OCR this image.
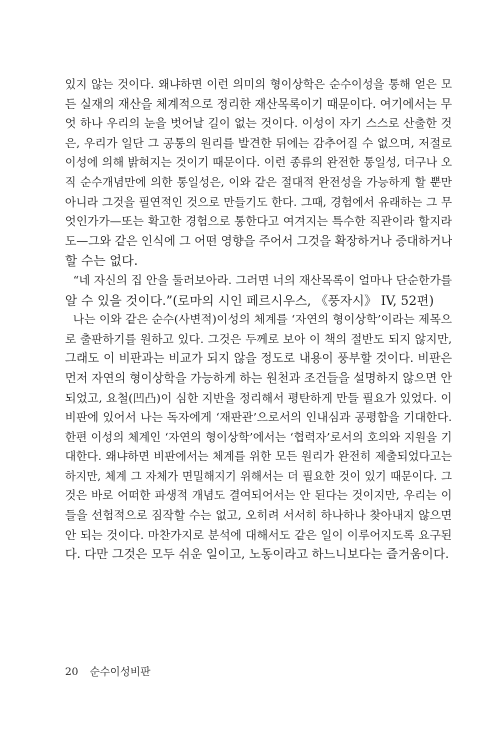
있지 않는 것이다. 왜냐하면 이런 의미의 형이상학은 순수이성을 통해 얻은 모
든 실재의 재산을 체계적으로 정리한 재산목록이기 때문이다. 여기에서는 무
엇 하나 우리의 눈을 벗어날 길이 없는 것이다. 이성이 자기 스스로 산출한 것
은, 우리가 일단 그 공통의 원리를 발견한 뒤에는 감추어질 수 없으며, 저절로
이성에 의해 밝혀지는 것이기 때문이다. 이런 종류의 완전한 통일성, 더구나 오
직 순수개념만에 의한 통일성은, 이와 같은 절대적 완전성을 가능하게 할 뿐만
아니라 그것을 필연적인 것으로 만들기도 한다. 그때, 경험에서 유래하는 그 무
엇인가가—또는 확고한 경험으로 통한다고 여겨지는 특수한 직관이라 할지라
도—그와 같은 인식에 그 어떤 영향을 주어서 그것을 확장하거나 증대하거나
할 수는 없다.
“네 자신의 집 안을 둘러보아라. 그러면 너의 재산목록이 얼마나 단순한가를
알 수 있을 것이다.”(로마의 시인 페르시우스, 《풍자시》 IV, 52편)
나는 이와 같은 순수(사변적)이성의 체계를 ‘자연의 형이상학’이라는 제목으
로 출판하기를 원하고 있다. 그것은 두께로 보아 이 책의 절반도 되지 않지만,
그래도 이 비판과는 비교가 되지 않을 정도로 내용이 풍부할 것이다. 비판은
먼저 자연의 형이상학을 가능하게 하는 원천과 조건들을 설명하지 않으면 안
되었고, 요철(凹凸)이 심한 지반을 정리해서 평탄하게 만들 필요가 있었다. 이
비판에 있어서 나는 독자에게 ‘재판관’으로서의 인내심과 공평함을 기대한다.
한편 이성의 체계인 ‘자연의 형이상학’에서는 ‘협력자’로서의 호의와 지원을 기
대한다. 왜냐하면 비판에서는 체계를 위한 모든 원리가 완전히 제출되었다고는
하지만, 체계 그 자체가 면밀해지기 위해서는 더 필요한 것이 있기 때문이다. 그
것은 바로 어떠한 파생적 개념도 결여되어서는 안 된다는 것이지만, 우리는 이
들을 선험적으로 짐작할 수는 없고, 오히려 서서히 하나하나 찾아내지 않으면
안 되는 것이다. 마찬가지로 분석에 대해서도 같은 일이 이루어지도록 요구된
다. 다만 그것은 모두 쉬운 일이고, 노동이라고 하느니보다는 즐거움이다.
20 순수이성비판
